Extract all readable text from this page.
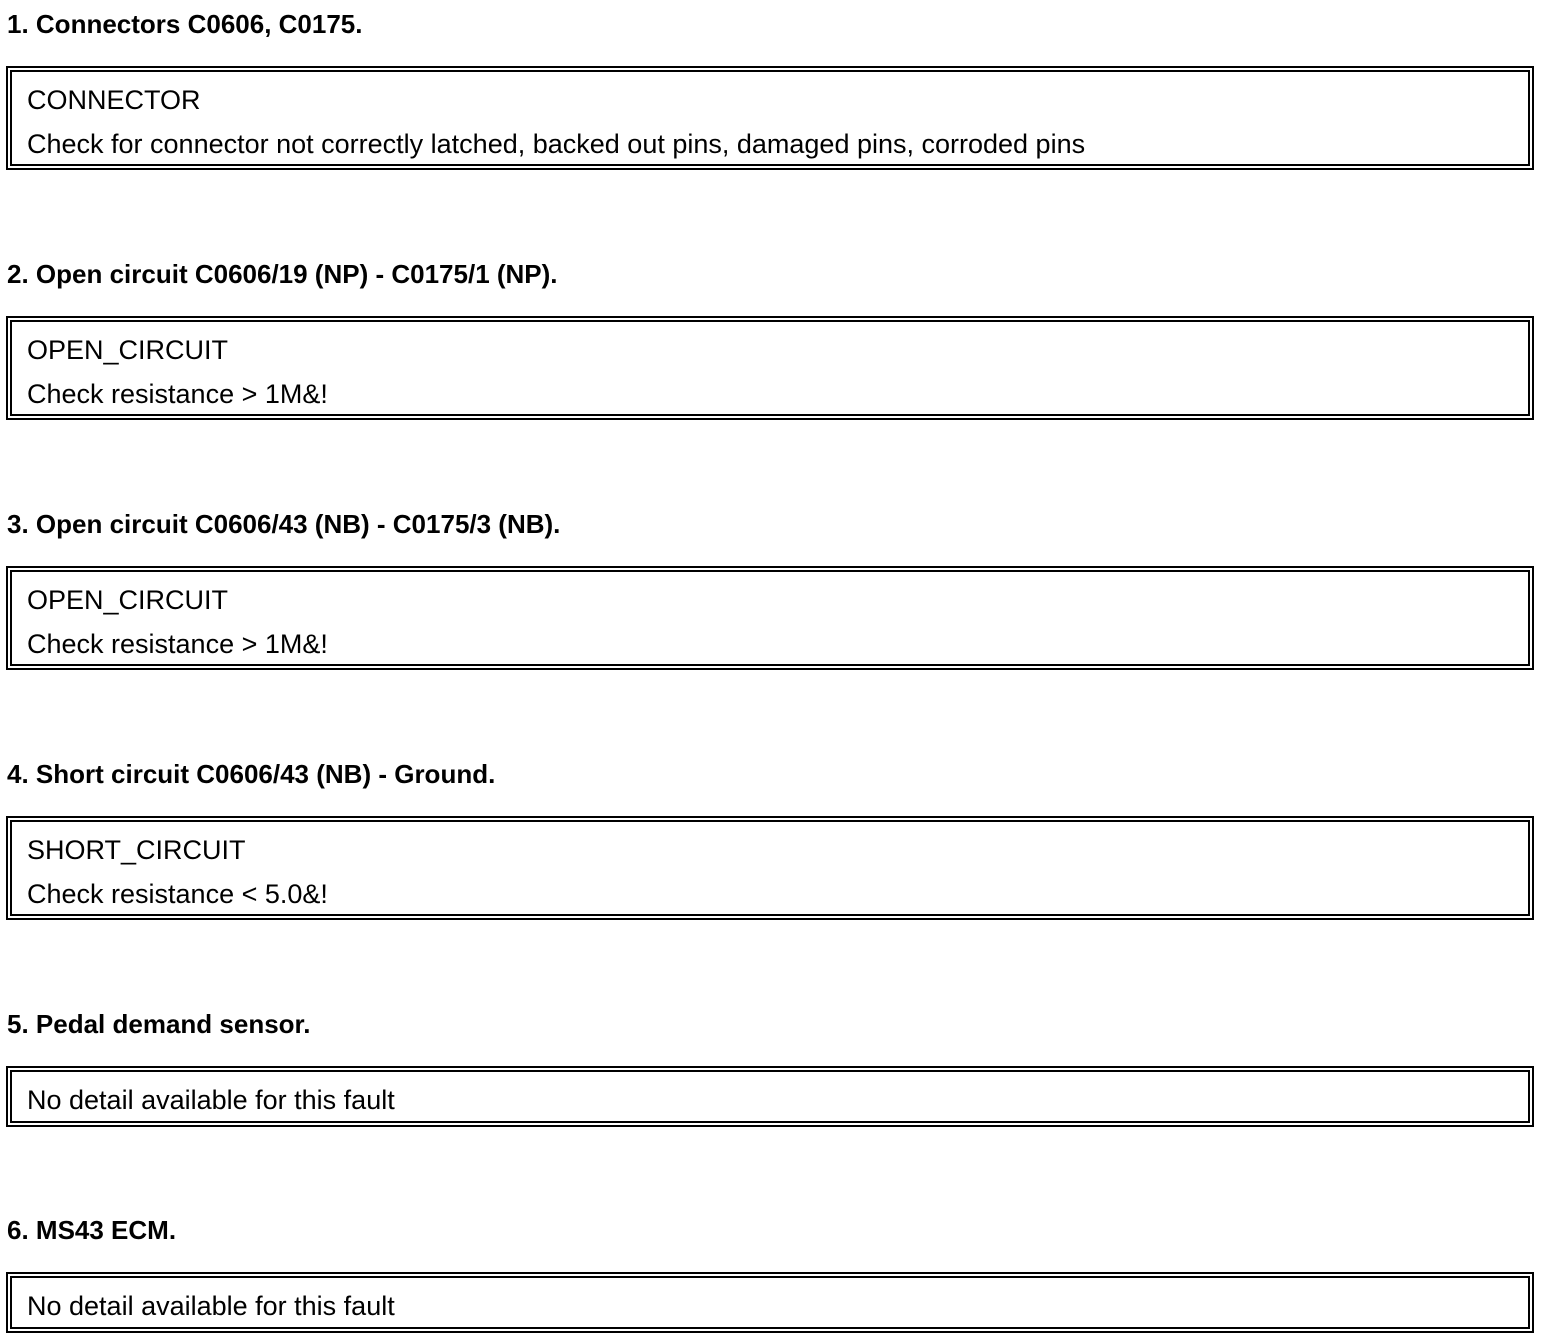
1. Connectors C0606, C0175.
CONNECTOR
Check for connector not correctly latched, backed out pins, damaged pins, corroded pins
2. Open circuit C0606/19 (NP) - C0175/1 (NP).
OPEN_CIRCUIT
Check resistance > 1M&!
3. Open circuit C0606/43 (NB) - C0175/3 (NB).
OPEN_CIRCUIT
Check resistance > 1M&!
4. Short circuit C0606/43 (NB) - Ground.
SHORT_CIRCUIT
Check resistance < 5.0&!
5. Pedal demand sensor.
No detail available for this fault
6. MS43 ECM.
No detail available for this fault
